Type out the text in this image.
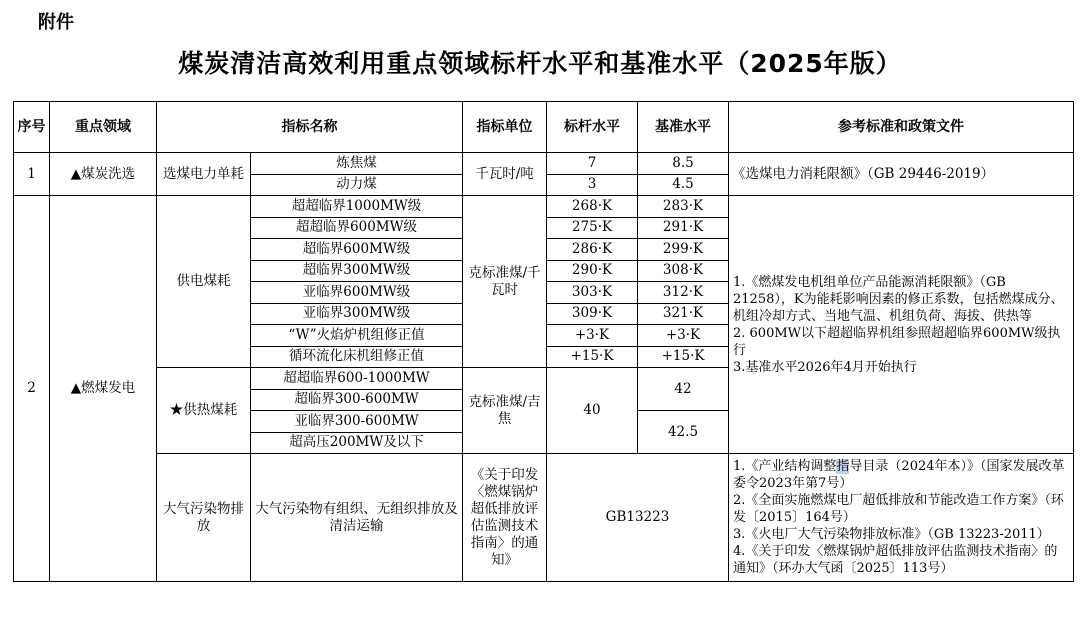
附件
煤炭清洁高效利用重点领域标杆水平和基准水平（2025年版）
序号	重点领域	指标名称		指标单位	标杆水平	基准水平	参考标准和政策文件
1	▲煤炭洗选	选煤电力单耗	炼焦煤	千瓦时/吨	7	8.5	《选煤电力消耗限额》（GB 29446-2019）
			动力煤		3	4.5	
2	▲燃煤发电	供电煤耗	超超临界1000MW级	克标准煤/千瓦时	268·K	283·K	1.《燃煤发电机组单位产品能源消耗限额》（GB 21258），K为能耗影响因素的修正系数，包括燃煤成分、机组冷却方式、当地气温、机组负荷、海拔、供热等
2. 600MW以下超超临界机组参照超超临界600MW级执行
3.基准水平2026年4月开始执行

			超超临界600MW级		275·K	291·K	
			超临界600MW级		286·K	299·K	
			超临界300MW级		290·K	308·K	
			亚临界600MW级		303·K	312·K	
			亚临界300MW级		309·K	321·K	
			“W”火焰炉机组修正值		+3·K	+3·K	
			循环流化床机组修正值		+15·K	+15·K	
		★供热煤耗	超超临界600-1000MW	克标准煤/吉焦	40	42	
			超临界300-600MW				
			亚临界300-600MW			42.5	
			超高压200MW及以下				
		大气污染物排放	大气污染物有组织、无组织排放及清洁运输	《关于印发〈燃煤锅炉超低排放评估监测技术指南〉的通知》	GB13223		1.《产业结构调整指导目录（2024年本）》（国家发展改革委令2023年第7号）
2.《全面实施燃煤电厂超低排放和节能改造工作方案》（环发〔2015〕164号）
3.《火电厂大气污染物排放标准》（GB 13223-2011）
4.《关于印发〈燃煤锅炉超低排放评估监测技术指南〉的通知》（环办大气函〔2025〕113号）
